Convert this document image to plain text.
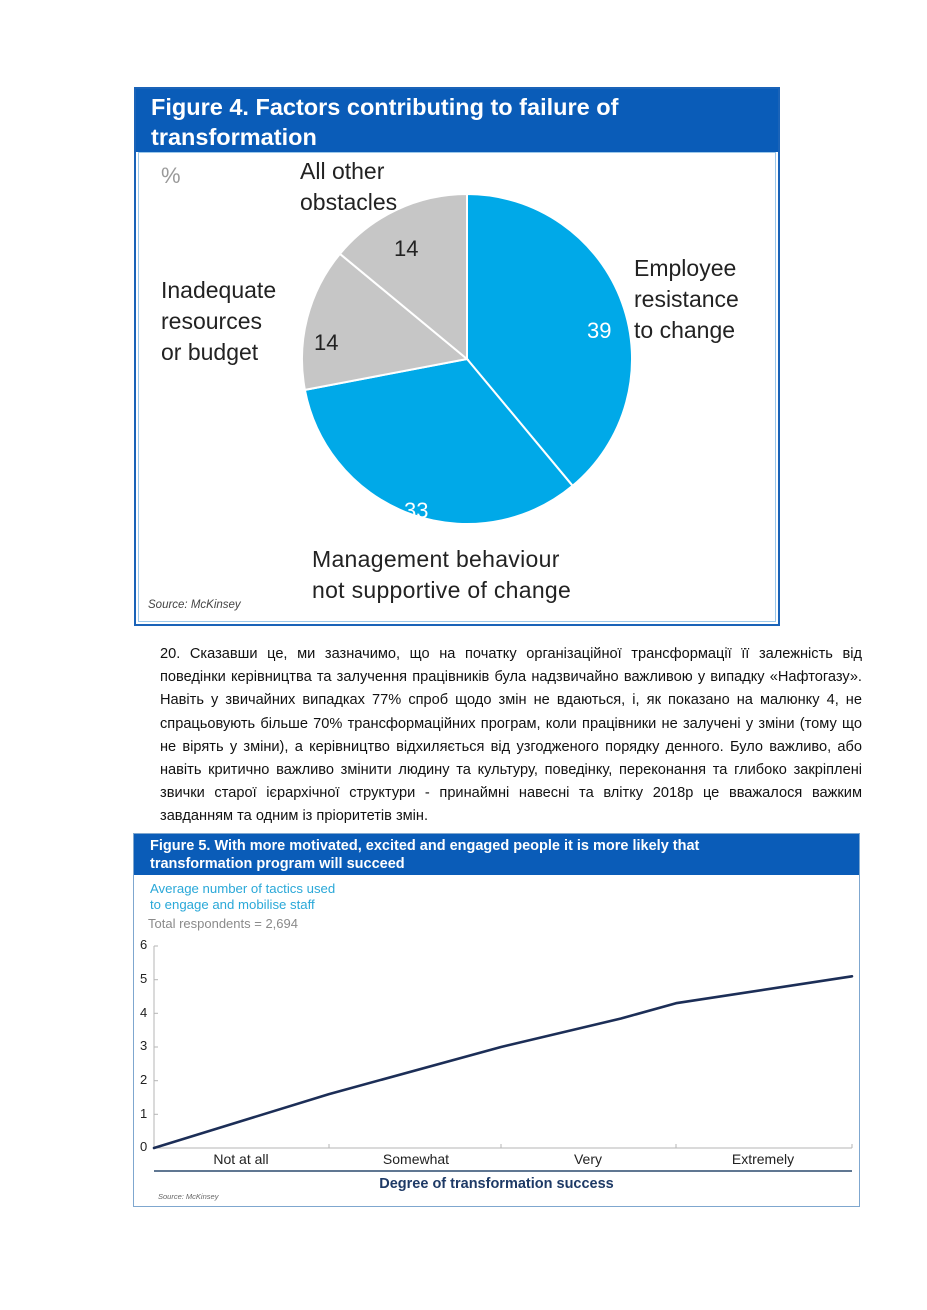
Figure 4. Factors contributing to failure of
transformation
%
39
33
14
14
All other
obstacles
Employee
resistance
to change
Inadequate
resources
or budget
Management behaviour
not supportive of change
Source: McKinsey
20. Сказавши це, ми зазначимо, що на початку організаційної трансформації її залежність від поведінки керівництва та залучення працівників була надзвичайно важливою у випадку «Нафтогазу». Навіть у звичайних випадках 77% спроб щодо змін не вдаються, і, як показано на малюнку 4, не спрацьовують більше 70% трансформаційних програм, коли працівники не залучені у зміни (тому що не вірять у зміни), а керівництво відхиляється від узгодженого порядку денного. Було важливо, або навіть критично важливо змінити людину та культуру, поведінку, переконання та глибоко закріплені звички старої ієрархічної структури - принаймні навесні та влітку 2018р це вважалося важким завданням та одним із пріоритетів змін.
Figure 5. With more motivated, excited and engaged people it is more likely that
transformation program will succeed
Average number of tactics used
to engage and mobilise staff
Total respondents = 2,694
6
5
4
3
2
1
0
Not at all	Somewhat	Very	Extremely
Degree of transformation success
Source: McKinsey
